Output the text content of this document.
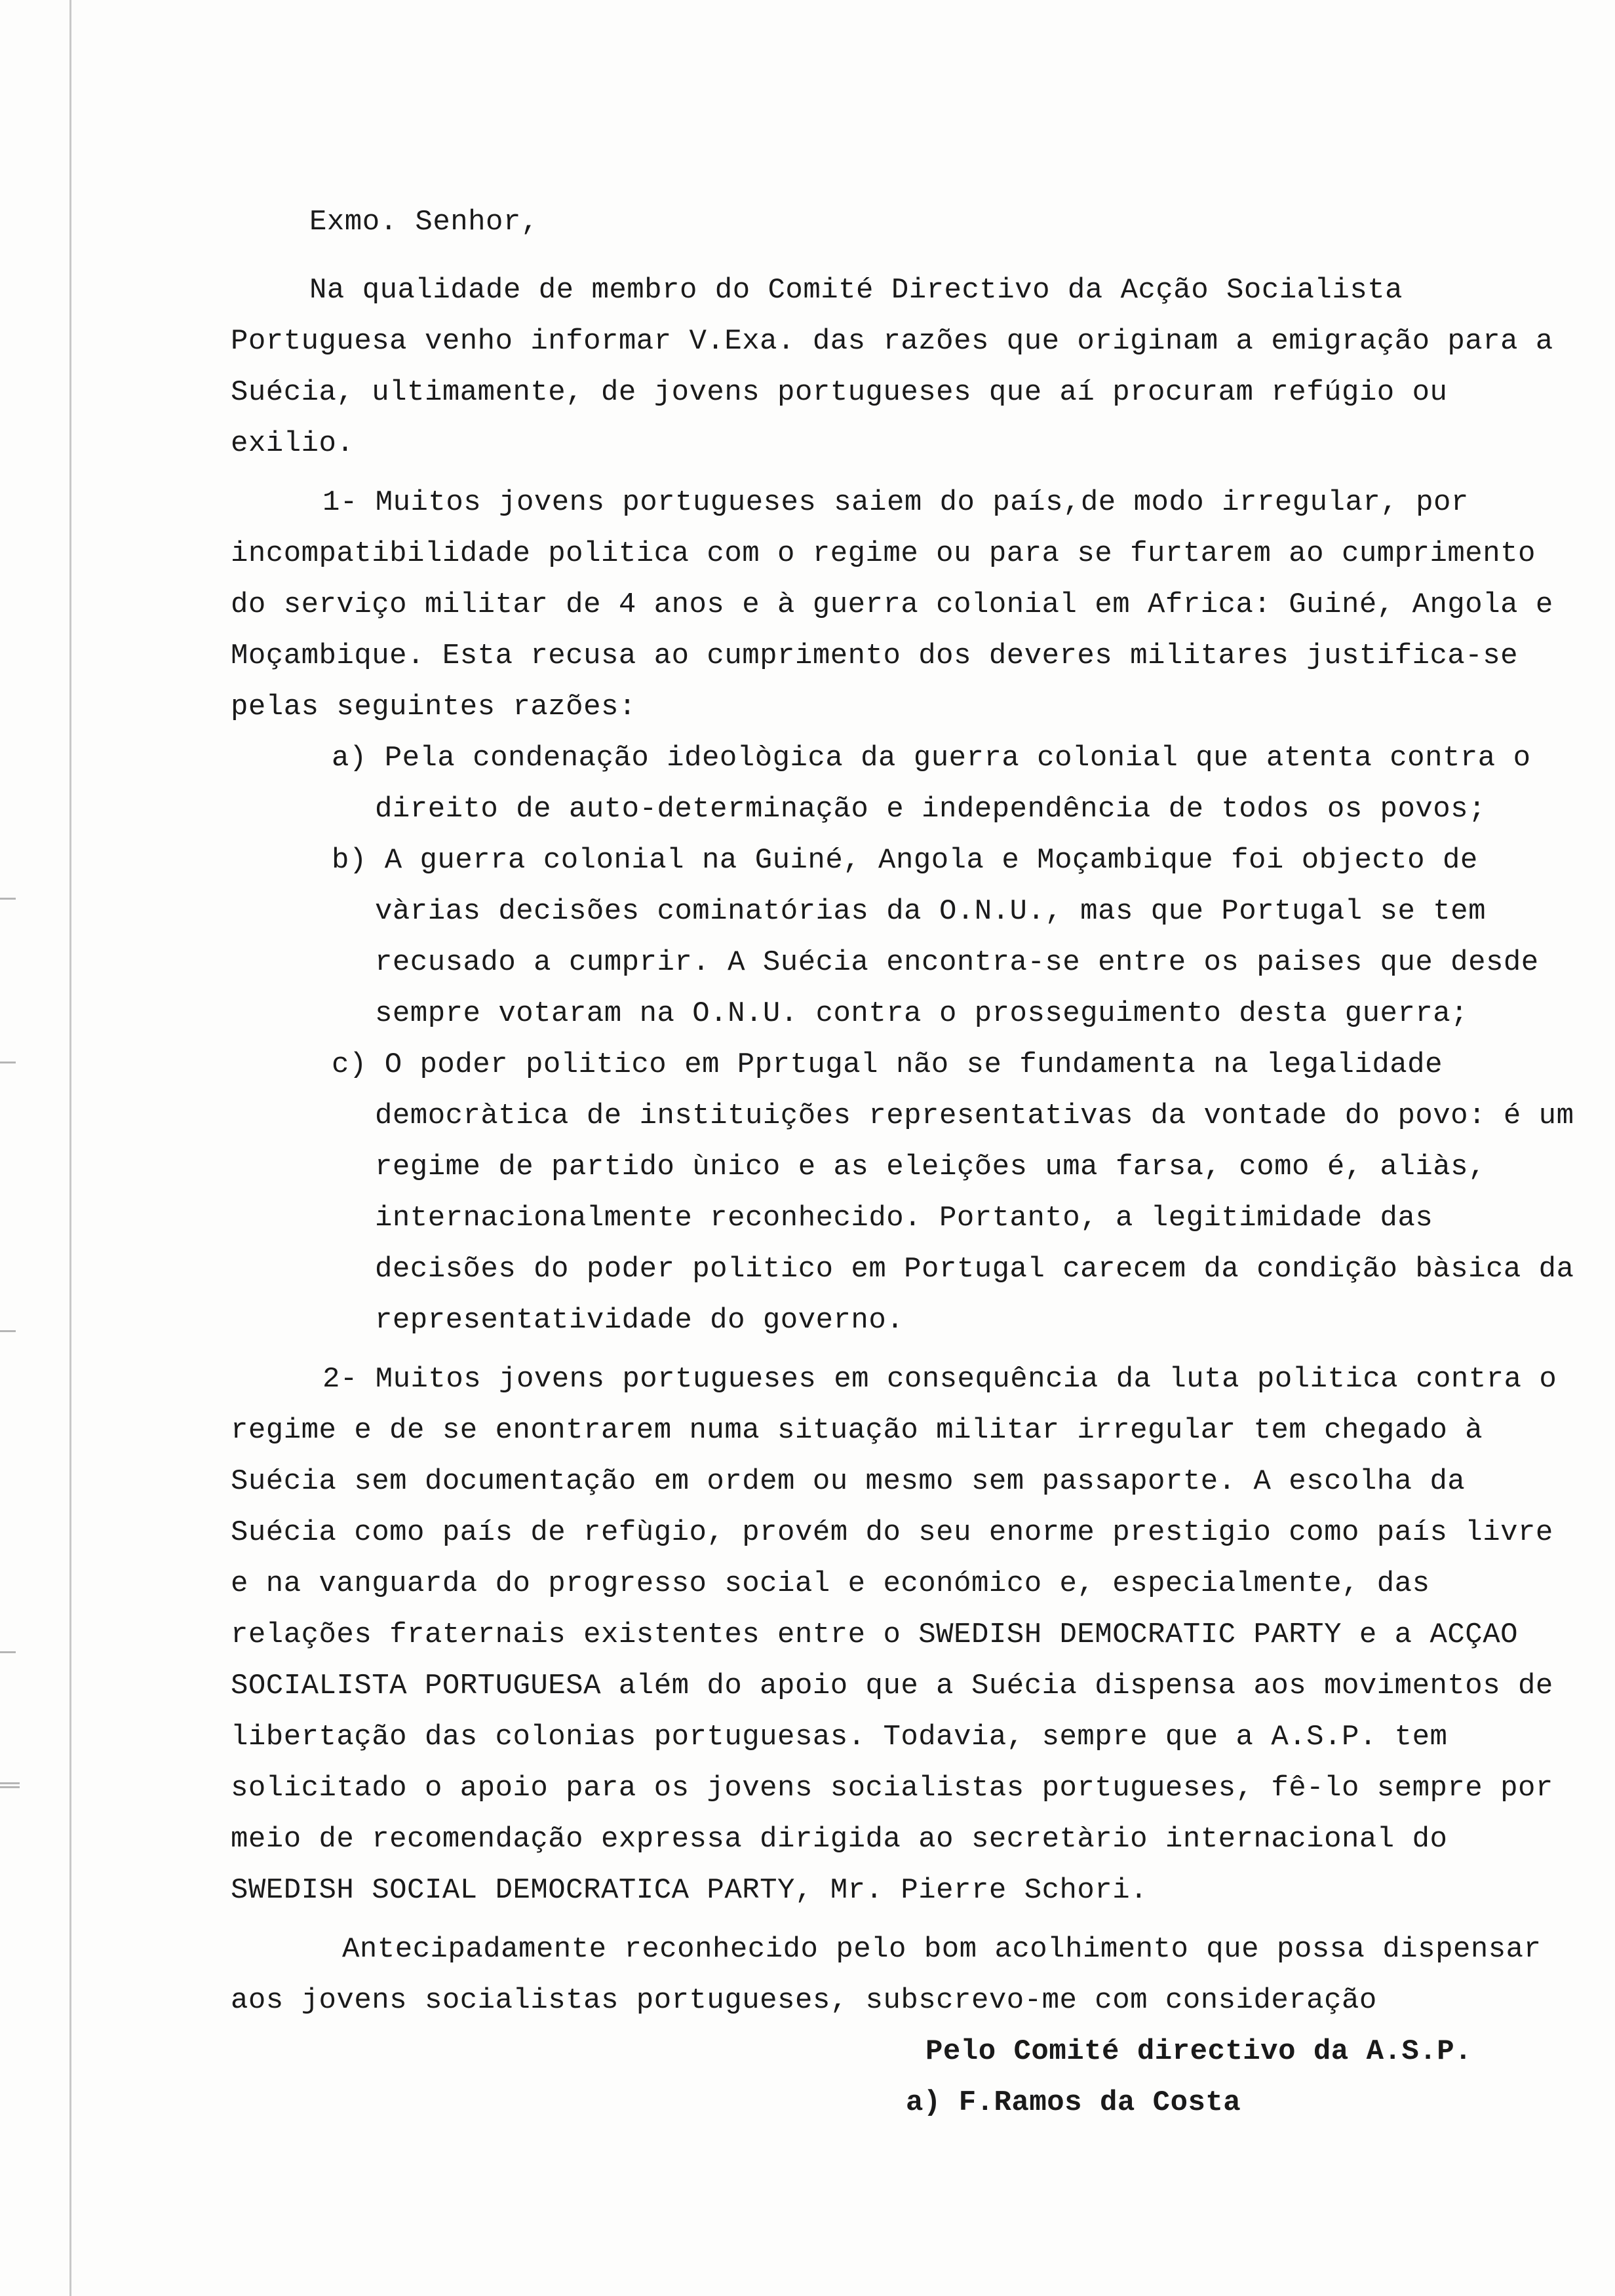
Exmo. Senhor,

Na qualidade de membro do Comité Directivo da Acção Socialista Portuguesa venho informar V.Exa. das razões que originam a emigração para a Suécia, ultimamente, de jovens portugueses que aí procuram refúgio ou exilio.

1- Muitos jovens portugueses saiem do país,de modo irregular, por incompatibilidade politica com o regime ou para se furtarem ao cumprimento do serviço militar de 4 anos e à guerra colonial em Africa: Guiné, Angola e Moçambique. Esta recusa ao cumprimento dos deveres militares justifica-se pelas seguintes razões:

a) Pela condenação ideològica da guerra colonial que atenta contra o direito de auto-determinação e independência de todos os povos;

b) A guerra colonial na Guiné, Angola e Moçambique foi objecto de vàrias decisões cominatórias da O.N.U., mas que Portugal se tem recusado a cumprir. A Suécia encontra-se entre os paises que desde sempre votaram na O.N.U. contra o prosseguimento desta guerra;

c) O poder politico em Pprtugal não se fundamenta na legalidade democràtica de instituições representativas da vontade do povo: é um regime de partido ùnico e as eleições uma farsa, como é, aliàs, internacionalmente reconhecido. Portanto, a legitimidade das decisões do poder politico em Portugal carecem da condição bàsica da representatividade do governo.

2- Muitos jovens portugueses em consequência da luta politica contra o regime e de se enontrarem numa situação militar irregular tem chegado à Suécia sem documentação em ordem ou mesmo sem passaporte. A escolha da Suécia como país de refùgio, provém do seu enorme prestigio como país livre e na vanguarda do progresso social e económico e, especialmente, das relações fraternais existentes entre o SWEDISH DEMOCRATIC PARTY e a ACÇAO SOCIALISTA PORTUGUESA além do apoio que a Suécia dispensa aos movimentos de libertação das colonias portuguesas. Todavia, sempre que a A.S.P. tem solicitado o apoio para os jovens socialistas portugueses, fê-lo sempre por meio de recomendação expressa dirigida ao secretàrio internacional do SWEDISH SOCIAL DEMOCRATICA PARTY, Mr. Pierre Schori.

Antecipadamente reconhecido pelo bom acolhimento que possa dispensar aos jovens socialistas portugueses, subscrevo-me com consideração

Pelo Comité directivo da A.S.P.

a) F.Ramos da Costa
